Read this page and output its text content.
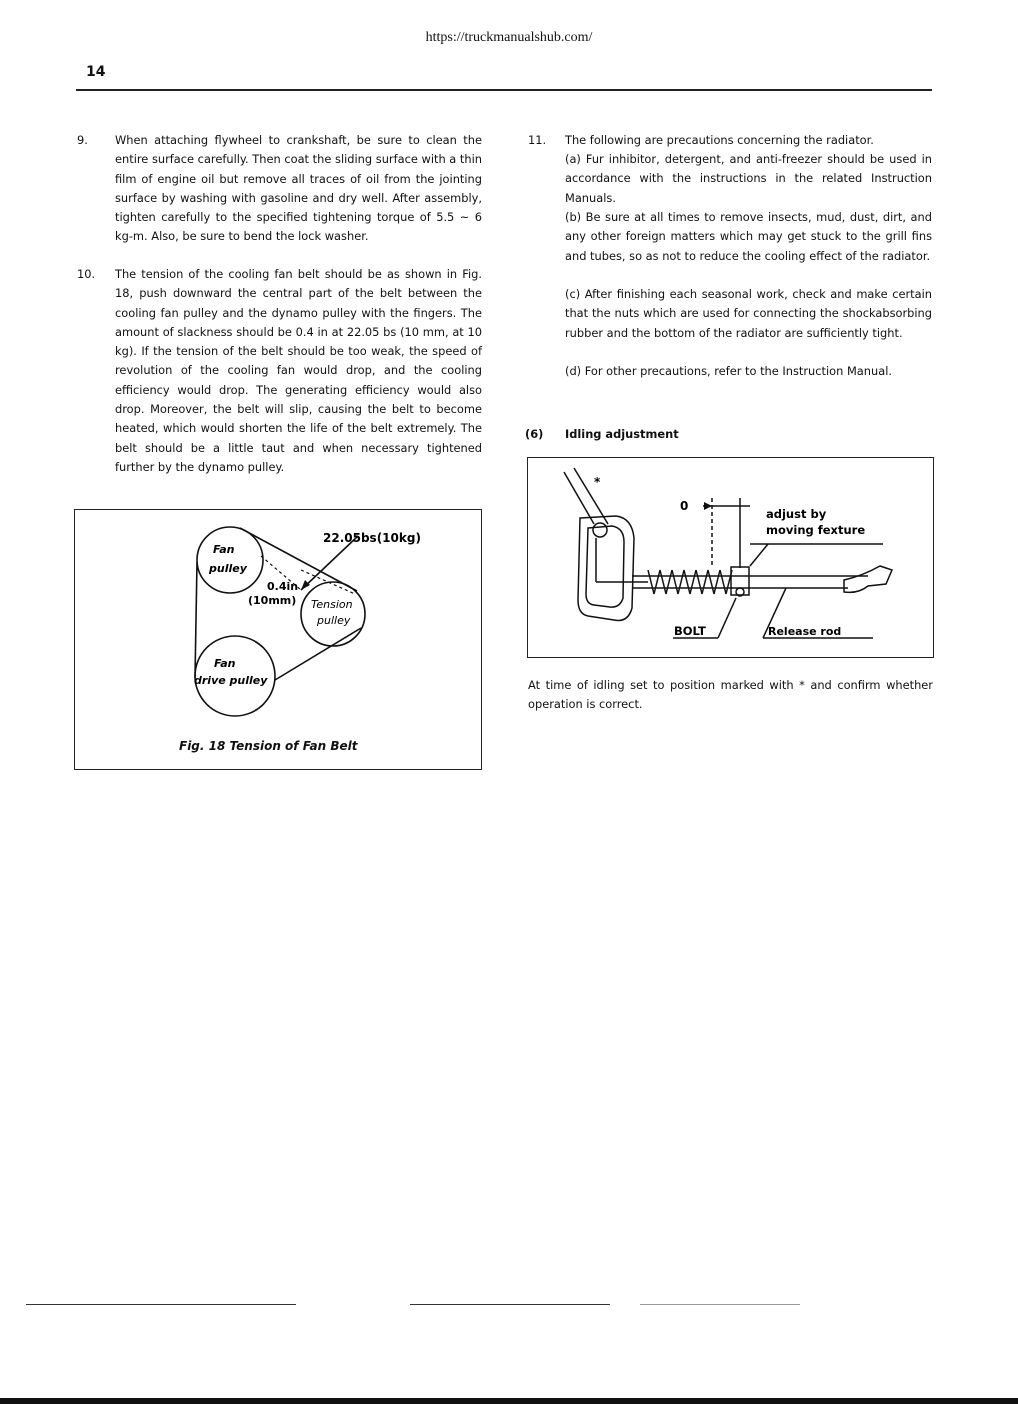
https://truckmanualshub.com/
14
9. When attaching flywheel to crankshaft, be sure to clean the entire surface carefully. Then coat the sliding surface with a thin film of engine oil but remove all traces of oil from the jointing surface by washing with gasoline and dry well. After assembly, tighten carefully to the specified tightening torque of 5.5 ~ 6 kg-m. Also, be sure to bend the lock washer.
10. The tension of the cooling fan belt should be as shown in Fig. 18, push downward the central part of the belt between the cooling fan pulley and the dynamo pulley with the fingers. The amount of slackness should be 0.4 in at 22.05 bs (10 mm, at 10 kg). If the tension of the belt should be too weak, the speed of revolution of the cooling fan would drop, and the cooling efficiency would drop. The generating efficiency would also drop. Moreover, the belt will slip, causing the belt to become heated, which would shorten the life of the belt extremely. The belt should be a little taut and when necessary tightened further by the dynamo pulley.
22.05bs(10kg)
Fan
pulley
0.4in
(10mm) Tension
pulley
Fan
drive pulley
Fig. 18 Tension of Fan Belt
11. The following are precautions concerning the radiator.
(a) Fur inhibitor, detergent, and anti-freezer should be used in accordance with the instructions in the related Instruction Manuals.
(b) Be sure at all times to remove insects, mud, dust, dirt, and any other foreign matters which may get stuck to the grill fins and tubes, so as not to reduce the cooling effect of the radiator.
(c) After finishing each seasonal work, check and make certain that the nuts which are used for connecting the shockabsorbing rubber and the bottom of the radiator are sufficiently tight.
(d) For other precautions, refer to the Instruction Manual.
(6) Idling adjustment
*
0
adjust by
moving fexture
BOLT	Release rod
At time of idling set to position marked with * and confirm whether operation is correct.
